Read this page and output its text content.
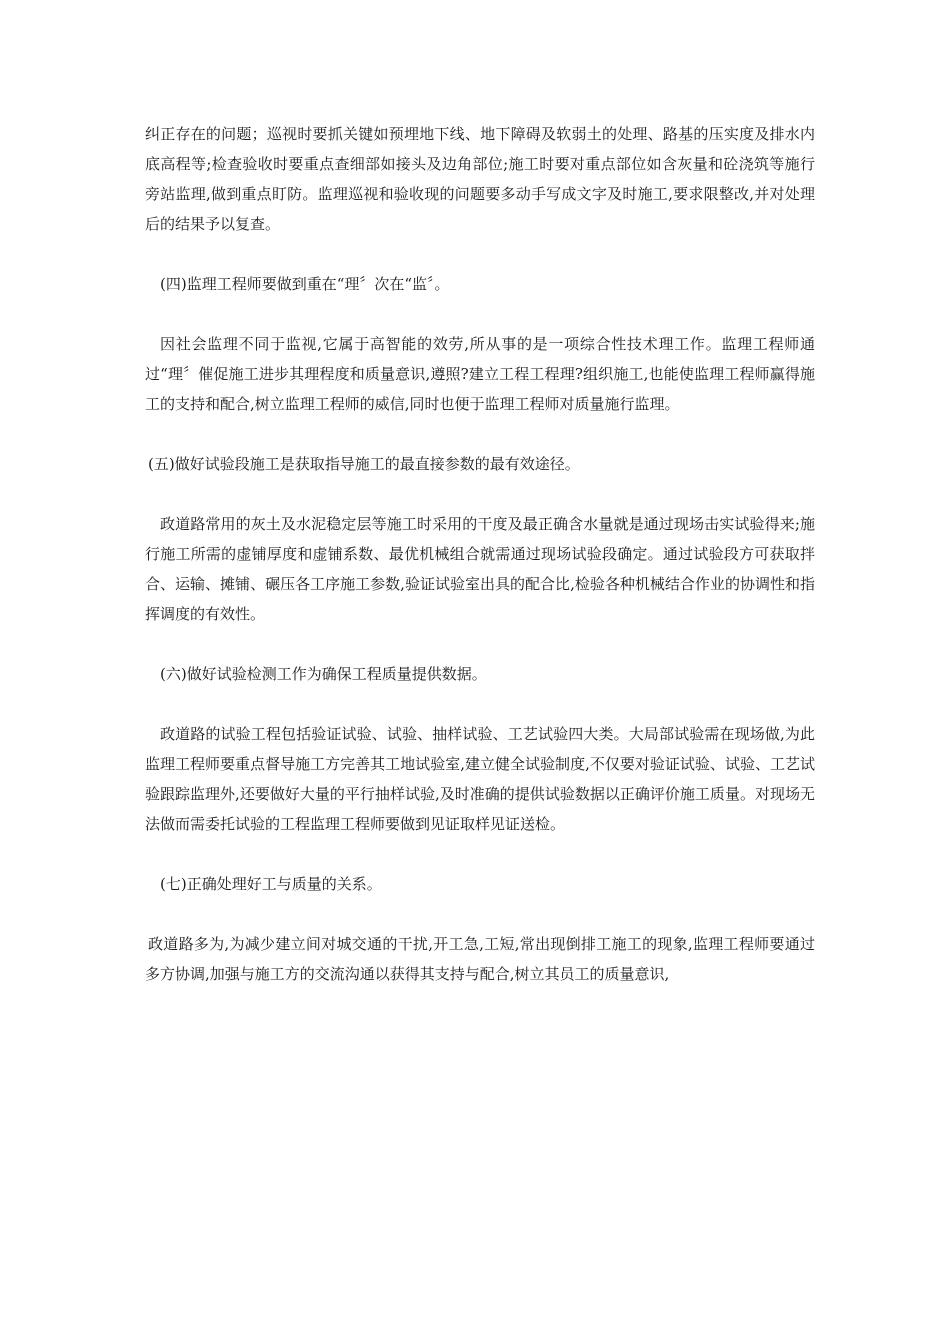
纠正存在的问题；巡视时要抓关键如预埋地下线、地下障碍及软弱土的处理、路基的压实度及排水内底高程等;检查验收时要重点查细部如接头及边角部位;施工时要对重点部位如含灰量和砼浇筑等施行旁站监理,做到重点盯防。监理巡视和验收现的问题要多动手写成文字及时施工,要求限整改,并对处理后的结果予以复查。

(四)监理工程师要做到重在“理〞次在“监〞。

因社会监理不同于监视,它属于高智能的效劳,所从事的是一项综合性技术理工作。监理工程师通过“理〞催促施工进步其理程度和质量意识,遵照?建立工程工程理?组织施工,也能使监理工程师赢得施工的支持和配合,树立监理工程师的威信,同时也便于监理工程师对质量施行监理。

(五)做好试验段施工是获取指导施工的最直接参数的最有效途径。

政道路常用的灰土及水泥稳定层等施工时采用的干度及最正确含水量就是通过现场击实试验得来;施行施工所需的虚铺厚度和虚铺系数、最优机械组合就需通过现场试验段确定。通过试验段方可获取拌合、运输、摊铺、碾压各工序施工参数,验证试验室出具的配合比,检验各种机械结合作业的协调性和指挥调度的有效性。

(六)做好试验检测工作为确保工程质量提供数据。

政道路的试验工程包括验证试验、试验、抽样试验、工艺试验四大类。大局部试验需在现场做,为此监理工程师要重点督导施工方完善其工地试验室,建立健全试验制度,不仅要对验证试验、试验、工艺试验跟踪监理外,还要做好大量的平行抽样试验,及时准确的提供试验数据以正确评价施工质量。对现场无法做而需委托试验的工程监理工程师要做到见证取样见证送检。

(七)正确处理好工与质量的关系。

政道路多为,为减少建立间对城交通的干扰,开工急,工短,常出现倒排工施工的现象,监理工程师要通过多方协调,加强与施工方的交流沟通以获得其支持与配合,树立其员工的质量意识,
